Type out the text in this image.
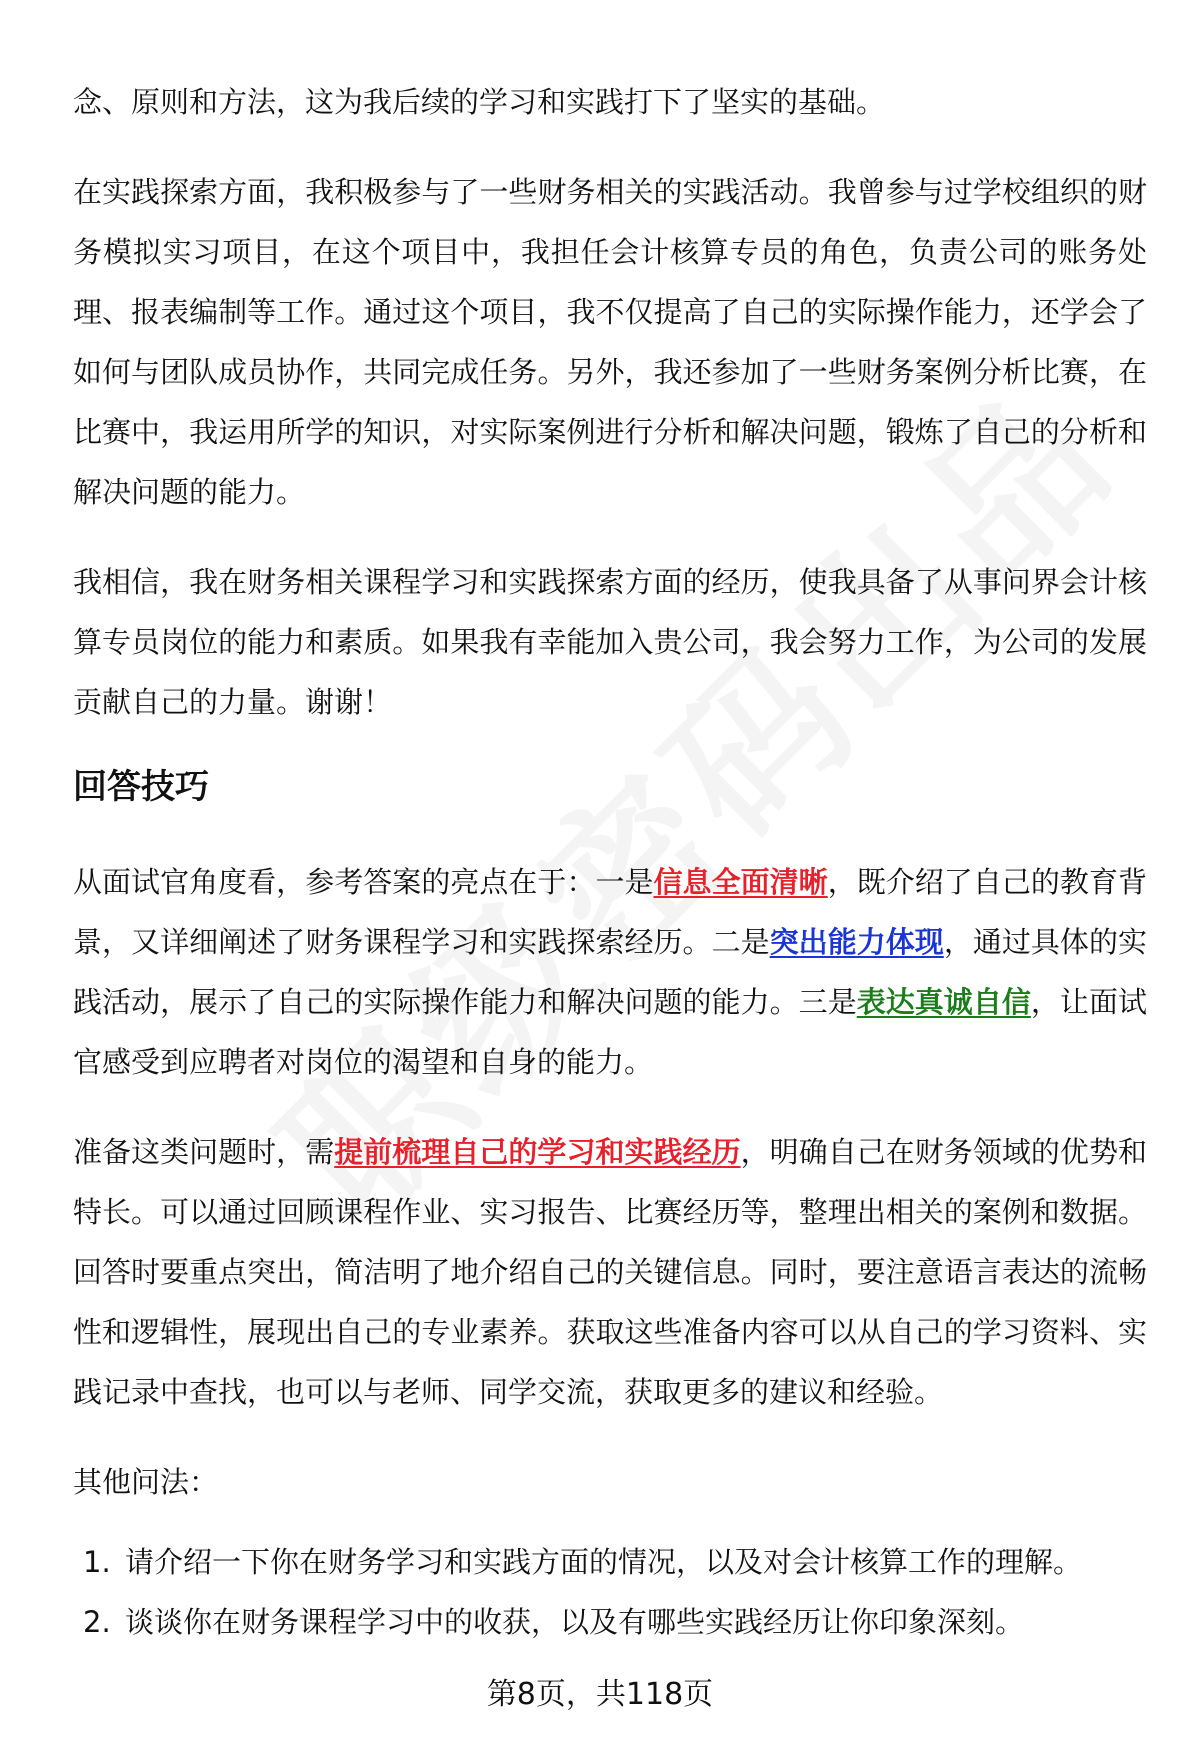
念、原则和方法，这为我后续的学习和实践打下了坚实的基础。

在实践探索方面，我积极参与了一些财务相关的实践活动。我曾参与过学校组织的财务模拟实习项目，在这个项目中，我担任会计核算专员的角色，负责公司的账务处理、报表编制等工作。通过这个项目，我不仅提高了自己的实际操作能力，还学会了如何与团队成员协作，共同完成任务。另外，我还参加了一些财务案例分析比赛，在比赛中，我运用所学的知识，对实际案例进行分析和解决问题，锻炼了自己的分析和解决问题的能力。

我相信，我在财务相关课程学习和实践探索方面的经历，使我具备了从事问界会计核算专员岗位的能力和素质。如果我有幸能加入贵公司，我会努力工作，为公司的发展贡献自己的力量。谢谢！

回答技巧

从面试官角度看，参考答案的亮点在于：一是信息全面清晰，既介绍了自己的教育背景，又详细阐述了财务课程学习和实践探索经历。二是突出能力体现，通过具体的实践活动，展示了自己的实际操作能力和解决问题的能力。三是表达真诚自信，让面试官感受到应聘者对岗位的渴望和自身的能力。

准备这类问题时，需提前梳理自己的学习和实践经历，明确自己在财务领域的优势和特长。可以通过回顾课程作业、实习报告、比赛经历等，整理出相关的案例和数据。回答时要重点突出，简洁明了地介绍自己的关键信息。同时，要注意语言表达的流畅性和逻辑性，展现出自己的专业素养。获取这些准备内容可以从自己的学习资料、实践记录中查找，也可以与老师、同学交流，获取更多的建议和经验。

其他问法：

1. 请介绍一下你在财务学习和实践方面的情况，以及对会计核算工作的理解。
2. 谈谈你在财务课程学习中的收获，以及有哪些实践经历让你印象深刻。
第8页，共118页
